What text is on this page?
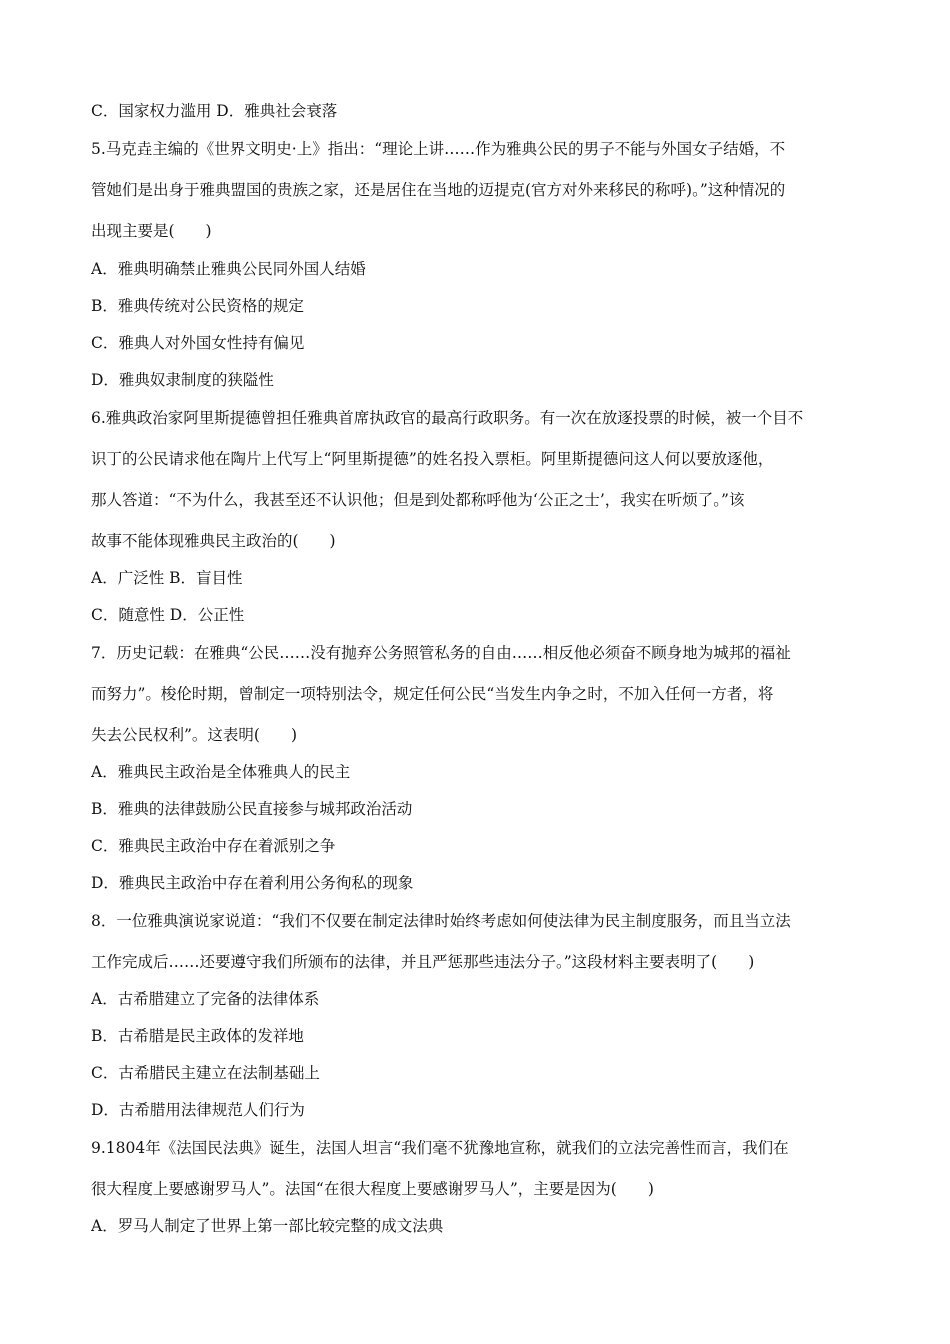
C．国家权力滥用 D．雅典社会衰落
5.马克垚主编的《世界文明史·上》指出：“理论上讲……作为雅典公民的男子不能与外国女子结婚，不
管她们是出身于雅典盟国的贵族之家，还是居住在当地的迈提克(官方对外来移民的称呼)。”这种情况的
出现主要是(　　)
A．雅典明确禁止雅典公民同外国人结婚
B．雅典传统对公民资格的规定
C．雅典人对外国女性持有偏见
D．雅典奴隶制度的狭隘性
6.雅典政治家阿里斯提德曾担任雅典首席执政官的最高行政职务。有一次在放逐投票的时候，被一个目不
识丁的公民请求他在陶片上代写上“阿里斯提德”的姓名投入票柜。阿里斯提德问这人何以要放逐他，
那人答道：“不为什么，我甚至还不认识他；但是到处都称呼他为‘公正之士’，我实在听烦了。”该
故事不能体现雅典民主政治的(　　)
A．广泛性 B．盲目性
C．随意性 D．公正性
7．历史记载：在雅典“公民……没有抛弃公务照管私务的自由……相反他必须奋不顾身地为城邦的福祉
而努力”。梭伦时期，曾制定一项特别法令，规定任何公民“当发生内争之时，不加入任何一方者，将
失去公民权利”。这表明(　　)
A．雅典民主政治是全体雅典人的民主
B．雅典的法律鼓励公民直接参与城邦政治活动
C．雅典民主政治中存在着派别之争
D．雅典民主政治中存在着利用公务徇私的现象
8．一位雅典演说家说道：“我们不仅要在制定法律时始终考虑如何使法律为民主制度服务，而且当立法
工作完成后……还要遵守我们所颁布的法律，并且严惩那些违法分子。”这段材料主要表明了(　　)
A．古希腊建立了完备的法律体系
B．古希腊是民主政体的发祥地
C．古希腊民主建立在法制基础上
D．古希腊用法律规范人们行为
9.1804年《法国民法典》诞生，法国人坦言“我们毫不犹豫地宣称，就我们的立法完善性而言，我们在
很大程度上要感谢罗马人”。法国“在很大程度上要感谢罗马人”，主要是因为(　　)
A．罗马人制定了世界上第一部比较完整的成文法典
